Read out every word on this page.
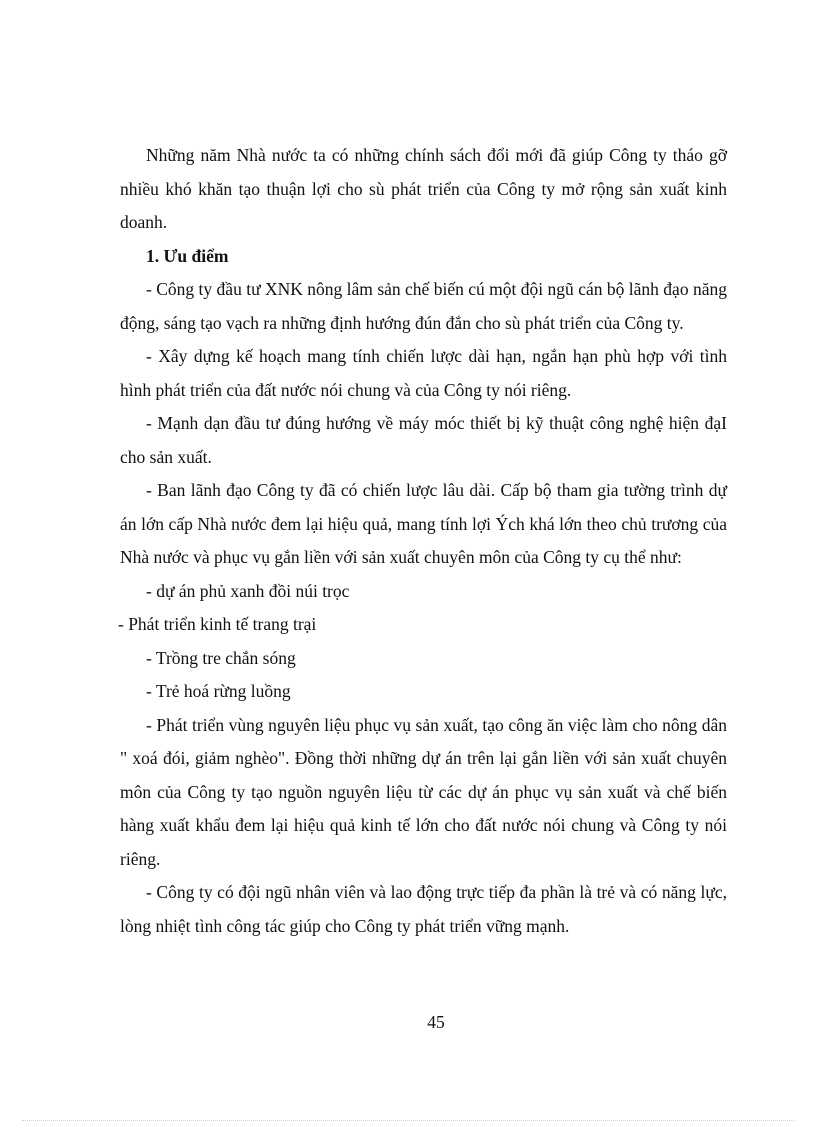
Những năm Nhà nước ta có những chính sách đổi mới đã giúp Công ty tháo gỡ nhiều khó khăn tạo thuận lợi cho sù phát triển của Công ty mở rộng sản xuất kinh doanh.

1. Ưu điểm

- Công ty đầu tư XNK nông lâm sản chế biến cú một đội ngũ cán bộ lãnh đạo năng động, sáng tạo vạch ra những định hướng đún đắn cho sù phát triển của Công ty.

- Xây dựng kế hoạch mang tính chiến lược dài hạn, ngắn hạn phù hợp với tình hình phát triển của đất nước nói chung và của Công ty nói riêng.

- Mạnh dạn đầu tư đúng hướng về máy móc thiết bị kỹ thuật công nghệ hiện đạI cho sản xuất.

- Ban lãnh đạo Công ty đã có chiến lược lâu dài. Cấp bộ tham gia tường trình dự án lớn cấp Nhà nước đem lại hiệu quả, mang tính lợi Ých khá lớn theo chủ trương của Nhà nước và phục vụ gắn liền với sản xuất chuyên môn của Công ty cụ thể như:

- dự án phủ xanh đồi núi trọc

- Phát triển kinh tế trang trại

- Trồng tre chắn sóng

- Trẻ hoá rừng luồng

- Phát triển vùng nguyên liệu phục vụ sản xuất, tạo công ăn việc làm cho nông dân " xoá đói, giảm nghèo". Đồng thời những dự án trên lại gắn liền với sản xuất chuyên môn của Công ty tạo nguồn nguyên liệu từ các dự án phục vụ sản xuất và chế biến hàng xuất khẩu đem lại hiệu quả kinh tế lớn cho đất nước nói chung và Công ty nói riêng.

- Công ty có đội ngũ nhân viên và lao động trực tiếp đa phần là trẻ và có năng lực, lòng nhiệt tình công tác giúp cho Công ty phát triển vững mạnh.

45
